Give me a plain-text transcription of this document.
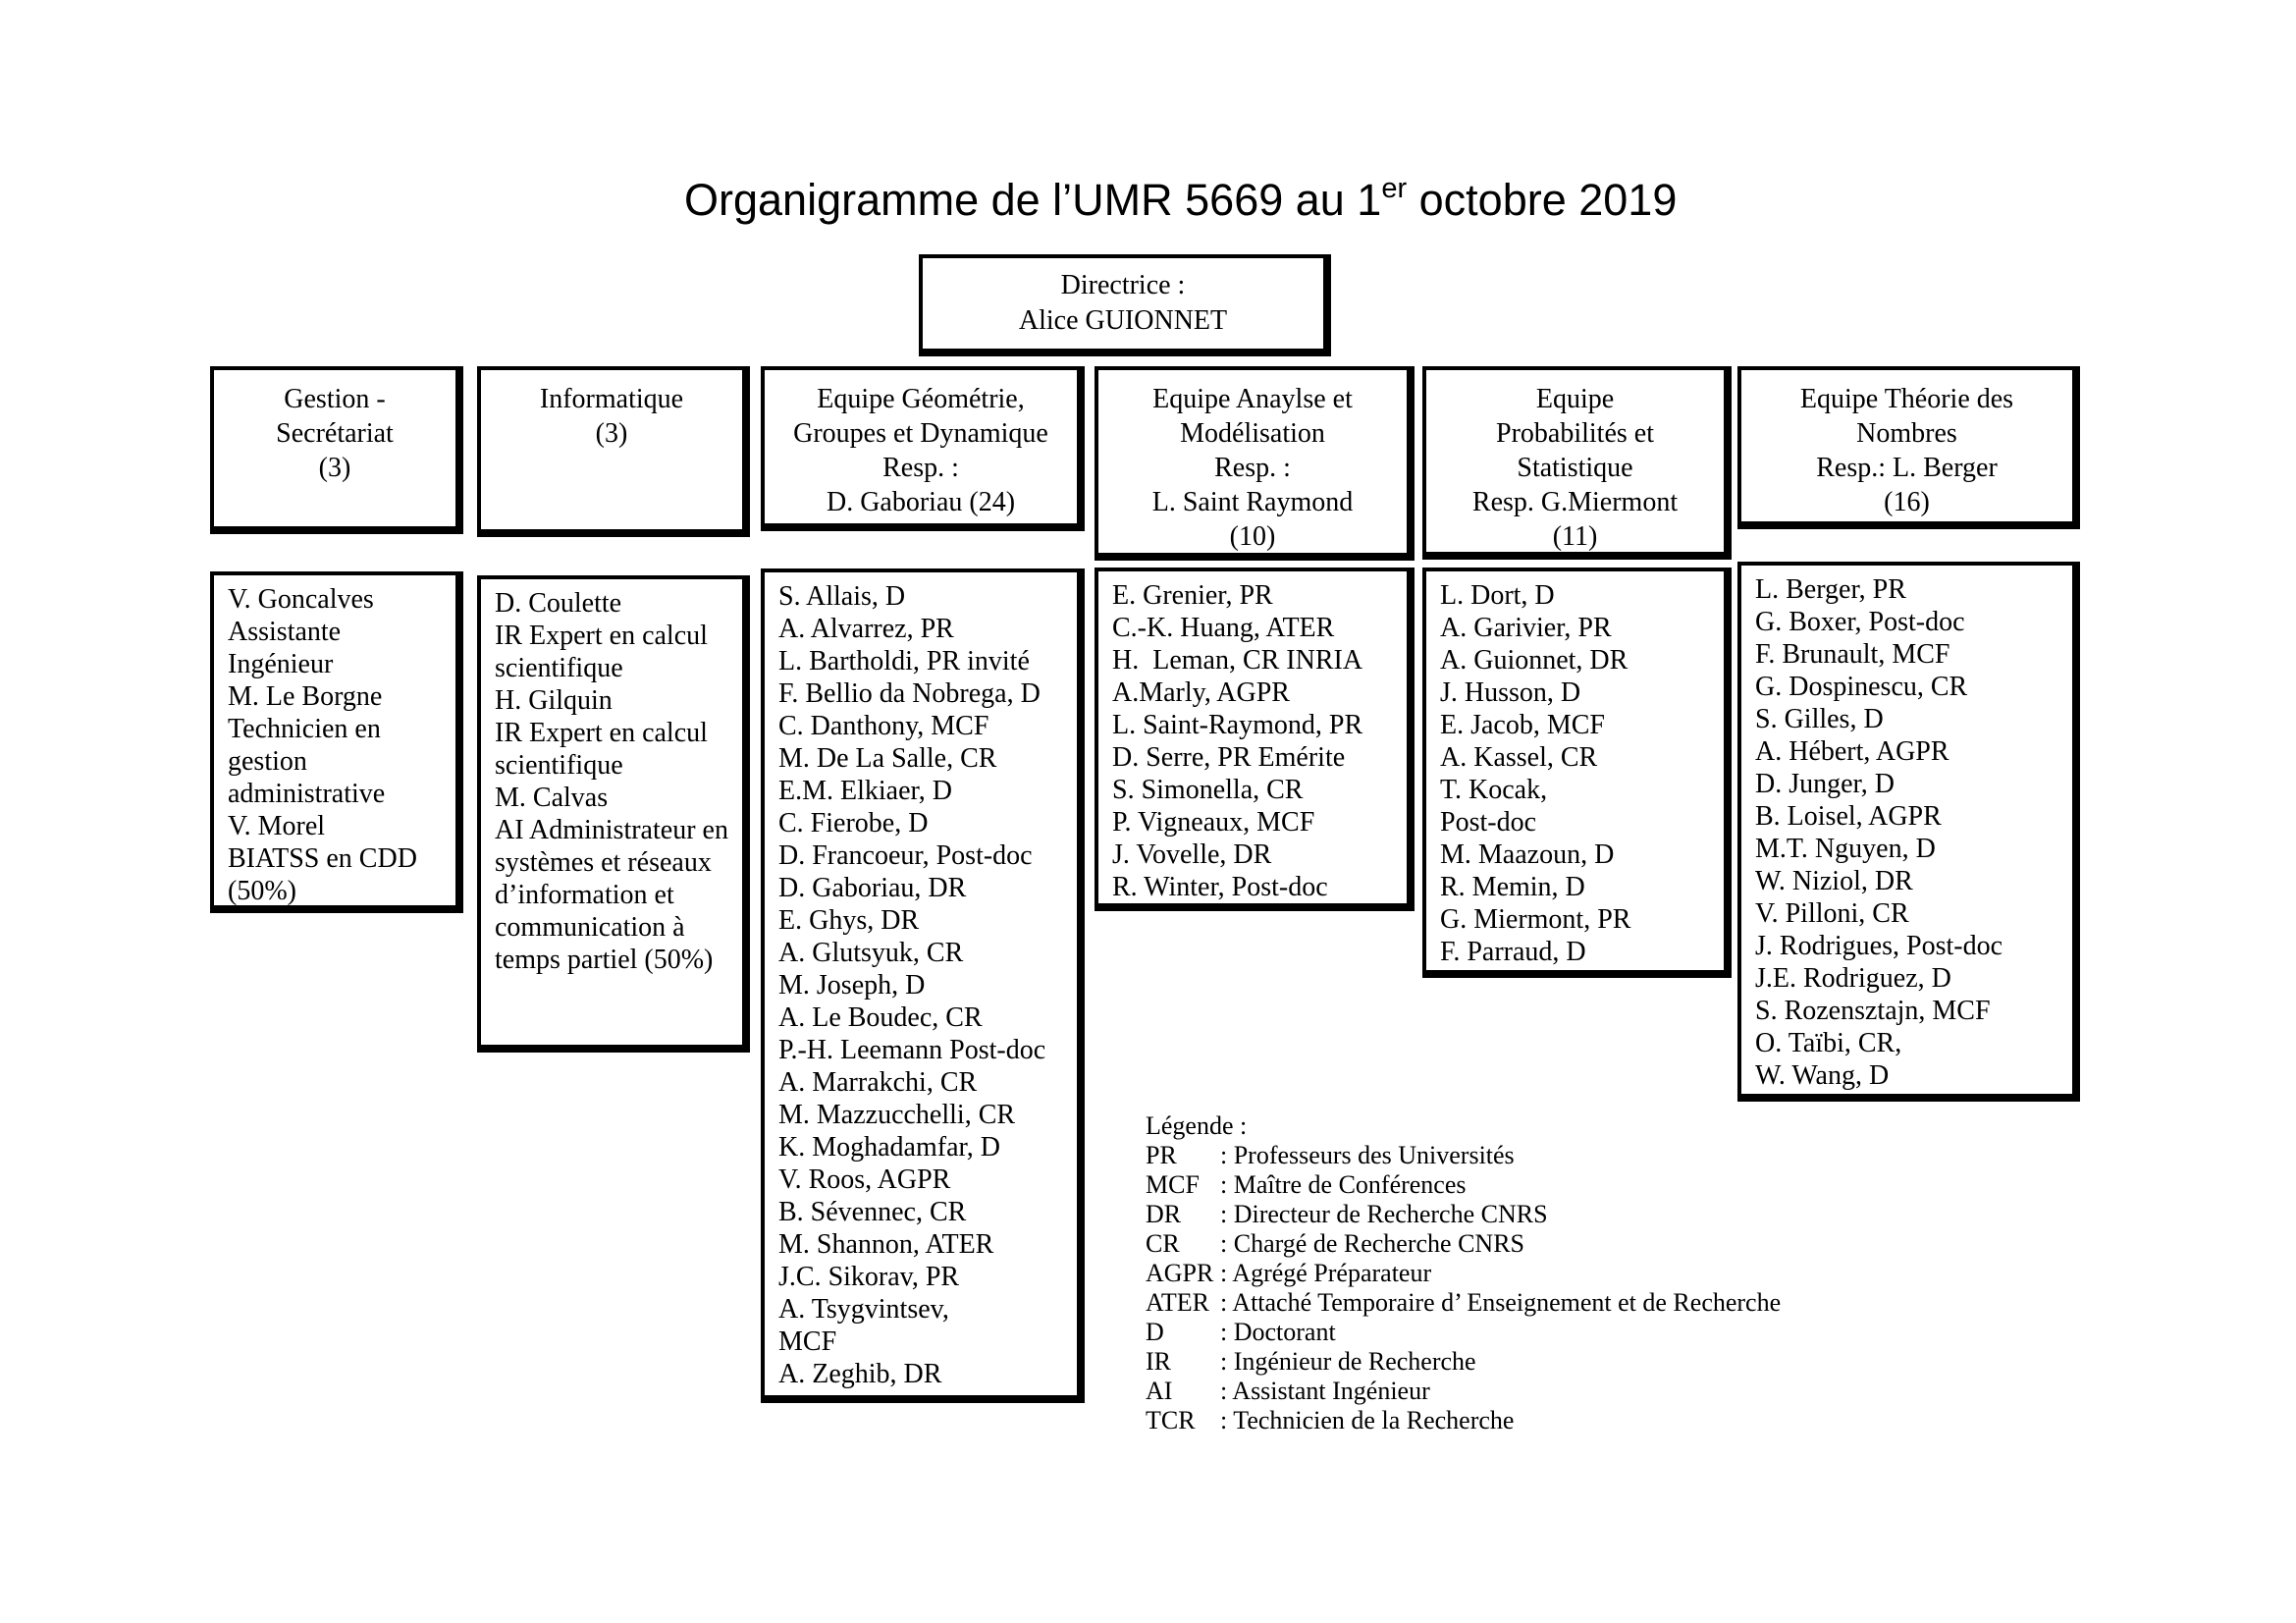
Organigramme de l’UMR 5669 au 1er octobre 2019
Directrice :
Alice GUIONNET
Gestion -
Secrétariat
(3)
Informatique
(3)
Equipe Géométrie,
Groupes et Dynamique
Resp. :
D. Gaboriau (24)
Equipe Anaylse et
Modélisation
Resp. :
L. Saint Raymond
(10)
Equipe
Probabilités et
Statistique
Resp. G.Miermont
(11)
Equipe Théorie des
Nombres
Resp.: L. Berger
(16)
V. Goncalves
Assistante
Ingénieur
M. Le Borgne
Technicien en
gestion
administrative
V. Morel
BIATSS en CDD
(50%)
D. Coulette
IR Expert en calcul
scientifique
H. Gilquin
IR Expert en calcul
scientifique
M. Calvas
AI Administrateur en
systèmes et réseaux
d’information et
communication à
temps partiel (50%)
S. Allais, D
A. Alvarrez, PR
L. Bartholdi, PR invité
F. Bellio da Nobrega, D
C. Danthony, MCF
M. De La Salle, CR
E.M. Elkiaer, D
C. Fierobe, D
D. Francoeur, Post-doc
D. Gaboriau, DR
E. Ghys, DR
A. Glutsyuk, CR
M. Joseph, D
A. Le Boudec, CR
P.-H. Leemann Post-doc
A. Marrakchi, CR
M. Mazzucchelli, CR
K. Moghadamfar, D
V. Roos, AGPR
B. Sévennec, CR
M. Shannon, ATER
J.C. Sikorav, PR
A. Tsygvintsev,
MCF
A. Zeghib, DR
E. Grenier, PR
C.-K. Huang, ATER
H.  Leman, CR INRIA
A.Marly, AGPR
L. Saint-Raymond, PR
D. Serre, PR Emérite
S. Simonella, CR
P. Vigneaux, MCF
J. Vovelle, DR
R. Winter, Post-doc
L. Dort, D
A. Garivier, PR
A. Guionnet, DR
J. Husson, D
E. Jacob, MCF
A. Kassel, CR
T. Kocak,
Post-doc
M. Maazoun, D
R. Memin, D
G. Miermont, PR
F. Parraud, D
L. Berger, PR
G. Boxer, Post-doc
F. Brunault, MCF
G. Dospinescu, CR
S. Gilles, D
A. Hébert, AGPR
D. Junger, D
B. Loisel, AGPR
M.T. Nguyen, D
W. Niziol, DR
V. Pilloni, CR
J. Rodrigues, Post-doc
J.E. Rodriguez, D
S. Rozensztajn, MCF
O. Taïbi, CR,
W. Wang, D
Légende :
PR	: Professeurs des Universités
MCF : Maître de Conférences
DR	: Directeur de Recherche CNRS
CR	: Chargé de Recherche CNRS
AGPR : Agrégé Préparateur
ATER : Attaché Temporaire d’ Enseignement et de Recherche
D	: Doctorant
IR	: Ingénieur de Recherche
AI	: Assistant Ingénieur
TCR : Technicien de la Recherche
